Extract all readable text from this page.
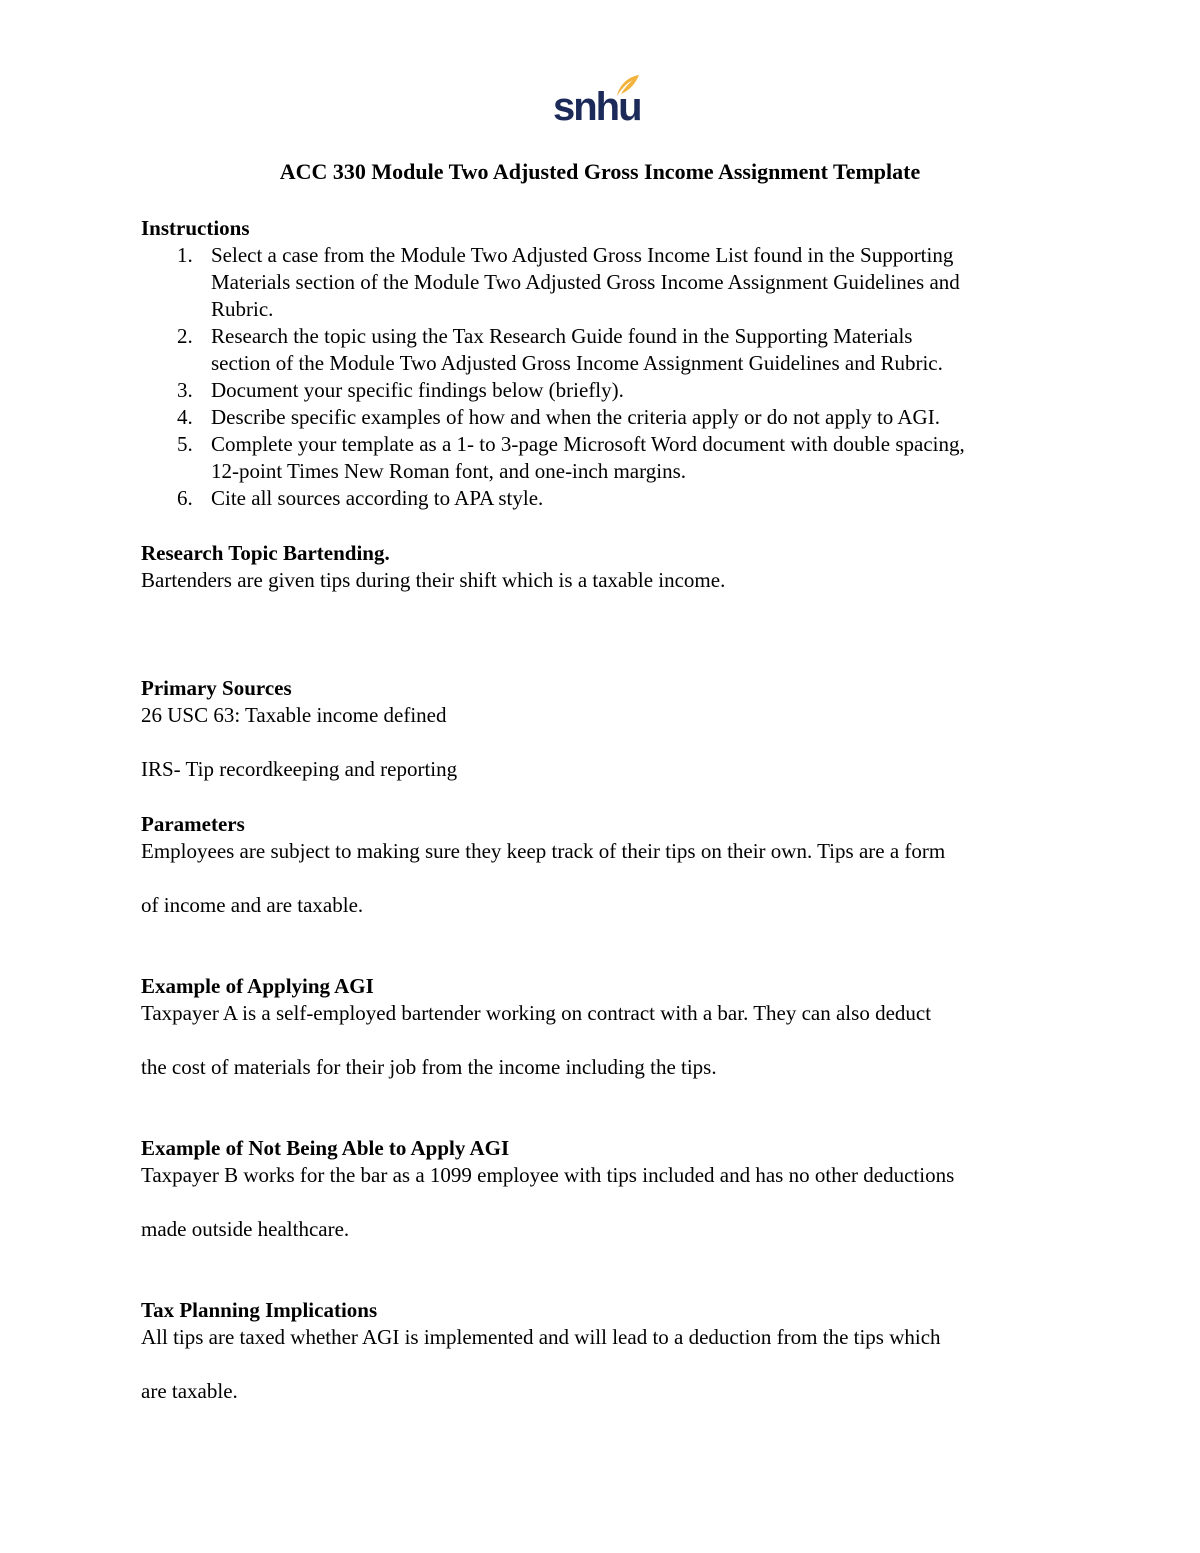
snhu
ACC 330 Module Two Adjusted Gross Income Assignment Template
Instructions
1. Select a case from the Module Two Adjusted Gross Income List found in the Supporting
Materials section of the Module Two Adjusted Gross Income Assignment Guidelines and
Rubric.
2. Research the topic using the Tax Research Guide found in the Supporting Materials
section of the Module Two Adjusted Gross Income Assignment Guidelines and Rubric.
3. Document your specific findings below (briefly).
4. Describe specific examples of how and when the criteria apply or do not apply to AGI.
5. Complete your template as a 1- to 3-page Microsoft Word document with double spacing,
12-point Times New Roman font, and one-inch margins.
6. Cite all sources according to APA style.
Research Topic Bartending.
Bartenders are given tips during their shift which is a taxable income.
Primary Sources
26 USC 63: Taxable income defined
IRS- Tip recordkeeping and reporting
Parameters
Employees are subject to making sure they keep track of their tips on their own. Tips are a form
of income and are taxable.
Example of Applying AGI
Taxpayer A is a self-employed bartender working on contract with a bar. They can also deduct
the cost of materials for their job from the income including the tips.
Example of Not Being Able to Apply AGI
Taxpayer B works for the bar as a 1099 employee with tips included and has no other deductions
made outside healthcare.
Tax Planning Implications
All tips are taxed whether AGI is implemented and will lead to a deduction from the tips which
are taxable.
